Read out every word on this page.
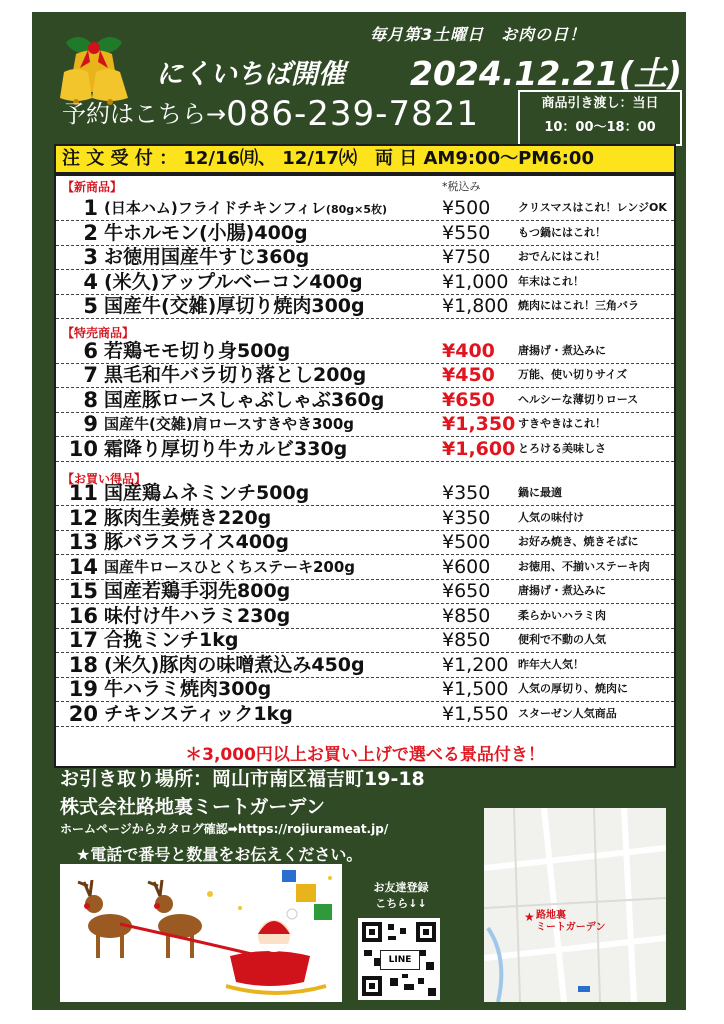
毎月第3土曜日　お肉の日！
にくいちば開催 2024.12.21(土)
予約はこちら→086-239-7821	商品引き渡し：当日
10：00〜18：00
注 文 受 付 ： 12/16㈪、 12/17㈫　両 日 AM9:00〜PM6:00
*税込み
【新商品】
【特売商品】
【お買い得品】
1 (日本ハム)フライドチキンフィレ(80g×5枚)	¥500	クリスマスはこれ！レンジOK
2 牛ホルモン(小腸)400g	¥550	もつ鍋にはこれ！
3 お徳用国産牛すじ360g	¥750	おでんにはこれ！
4 (米久)アップルベーコン400g	¥1,000 年末はこれ！
5 国産牛(交雑)厚切り焼肉300g	¥1,800 焼肉にはこれ！三角バラ
6 若鶏モモ切り身500g	¥400	唐揚げ・煮込みに
7 黒毛和牛バラ切り落とし200g	¥450	万能、使い切りサイズ
8 国産豚ロースしゃぶしゃぶ360g	¥650	ヘルシーな薄切りロース
9 国産牛(交雑)肩ロースすきやき300g	¥1,350 すきやきはこれ！
10 霜降り厚切り牛カルビ330g	¥1,600 とろける美味しさ
11 国産鶏ムネミンチ500g	¥350	鍋に最適
12 豚肉生姜焼き220g	¥350	人気の味付け
13 豚バラスライス400g	¥500	お好み焼き、焼きそばに
14 国産牛ロースひとくちステーキ200g	¥600	お徳用、不揃いステーキ肉
15 国産若鶏手羽先800g	¥650	唐揚げ・煮込みに
16 味付け牛ハラミ230g	¥850	柔らかいハラミ肉
17 合挽ミンチ1kg	¥850	便利で不動の人気
18 (米久)豚肉の味噌煮込み450g	¥1,200 昨年大人気！
19 牛ハラミ焼肉300g	¥1,500 人気の厚切り、焼肉に
20 チキンスティック1kg	¥1,550 スターゼン人気商品
＊3,000円以上お買い上げで選べる景品付き！
お引き取り場所：岡山市南区福吉町19-18
株式会社路地裏ミートガーデン
ホームページからカタログ確認➡https://rojiurameat.jp/
★電話で番号と数量をお伝えください。
お友達登録
こちら↓↓
LINE
★ 路地裏
ミートガーデン
